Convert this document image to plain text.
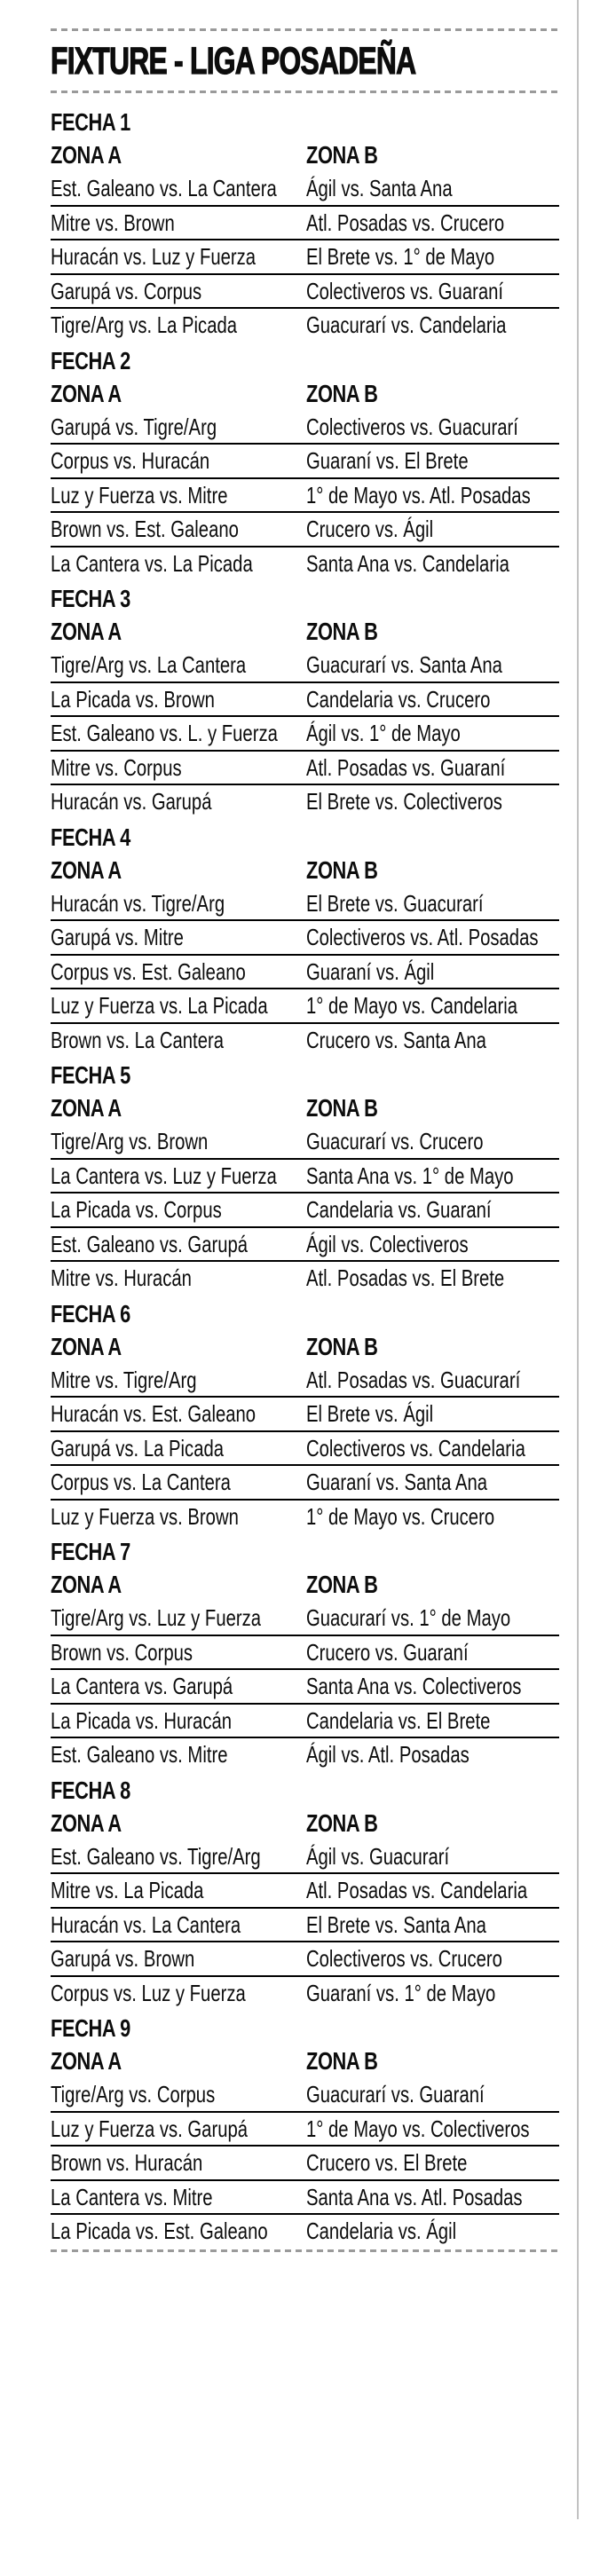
FIXTURE - LIGA POSADEÑA
FECHA 1
ZONA A	ZONA B
Est. Galeano vs. La Cantera	Ágil vs. Santa Ana
Mitre vs. Brown	Atl. Posadas vs. Crucero
Huracán vs. Luz y Fuerza	El Brete vs. 1° de Mayo
Garupá vs. Corpus	Colectiveros vs. Guaraní
Tigre/Arg vs. La Picada	Guacurarí vs. Candelaria
FECHA 2
ZONA A	ZONA B
Garupá vs. Tigre/Arg	Colectiveros vs. Guacurarí
Corpus vs. Huracán	Guaraní vs. El Brete
Luz y Fuerza vs. Mitre	1° de Mayo vs. Atl. Posadas
Brown vs. Est. Galeano	Crucero vs. Ágil
La Cantera vs. La Picada	Santa Ana vs. Candelaria
FECHA 3
ZONA A	ZONA B
Tigre/Arg vs. La Cantera	Guacurarí vs. Santa Ana
La Picada vs. Brown	Candelaria vs. Crucero
Est. Galeano vs. L. y Fuerza	Ágil vs. 1° de Mayo
Mitre vs. Corpus	Atl. Posadas vs. Guaraní
Huracán vs. Garupá	El Brete vs. Colectiveros
FECHA 4
ZONA A	ZONA B
Huracán vs. Tigre/Arg	El Brete vs. Guacurarí
Garupá vs. Mitre	Colectiveros vs. Atl. Posadas
Corpus vs. Est. Galeano	Guaraní vs. Ágil
Luz y Fuerza vs. La Picada	1° de Mayo vs. Candelaria
Brown vs. La Cantera	Crucero vs. Santa Ana
FECHA 5
ZONA A	ZONA B
Tigre/Arg vs. Brown	Guacurarí vs. Crucero
La Cantera vs. Luz y Fuerza	Santa Ana vs. 1° de Mayo
La Picada vs. Corpus	Candelaria vs. Guaraní
Est. Galeano vs. Garupá	Ágil vs. Colectiveros
Mitre vs. Huracán	Atl. Posadas vs. El Brete
FECHA 6
ZONA A	ZONA B
Mitre vs. Tigre/Arg	Atl. Posadas vs. Guacurarí
Huracán vs. Est. Galeano	El Brete vs. Ágil
Garupá vs. La Picada	Colectiveros vs. Candelaria
Corpus vs. La Cantera	Guaraní vs. Santa Ana
Luz y Fuerza vs. Brown	1° de Mayo vs. Crucero
FECHA 7
ZONA A	ZONA B
Tigre/Arg vs. Luz y Fuerza	Guacurarí vs. 1° de Mayo
Brown vs. Corpus	Crucero vs. Guaraní
La Cantera vs. Garupá	Santa Ana vs. Colectiveros
La Picada vs. Huracán	Candelaria vs. El Brete
Est. Galeano vs. Mitre	Ágil vs. Atl. Posadas
FECHA 8
ZONA A	ZONA B
Est. Galeano vs. Tigre/Arg	Ágil vs. Guacurarí
Mitre vs. La Picada	Atl. Posadas vs. Candelaria
Huracán vs. La Cantera	El Brete vs. Santa Ana
Garupá vs. Brown	Colectiveros vs. Crucero
Corpus vs. Luz y Fuerza	Guaraní vs. 1° de Mayo
FECHA 9
ZONA A	ZONA B
Tigre/Arg vs. Corpus	Guacurarí vs. Guaraní
Luz y Fuerza vs. Garupá	1° de Mayo vs. Colectiveros
Brown vs. Huracán	Crucero vs. El Brete
La Cantera vs. Mitre	Santa Ana vs. Atl. Posadas
La Picada vs. Est. Galeano	Candelaria vs. Ágil
